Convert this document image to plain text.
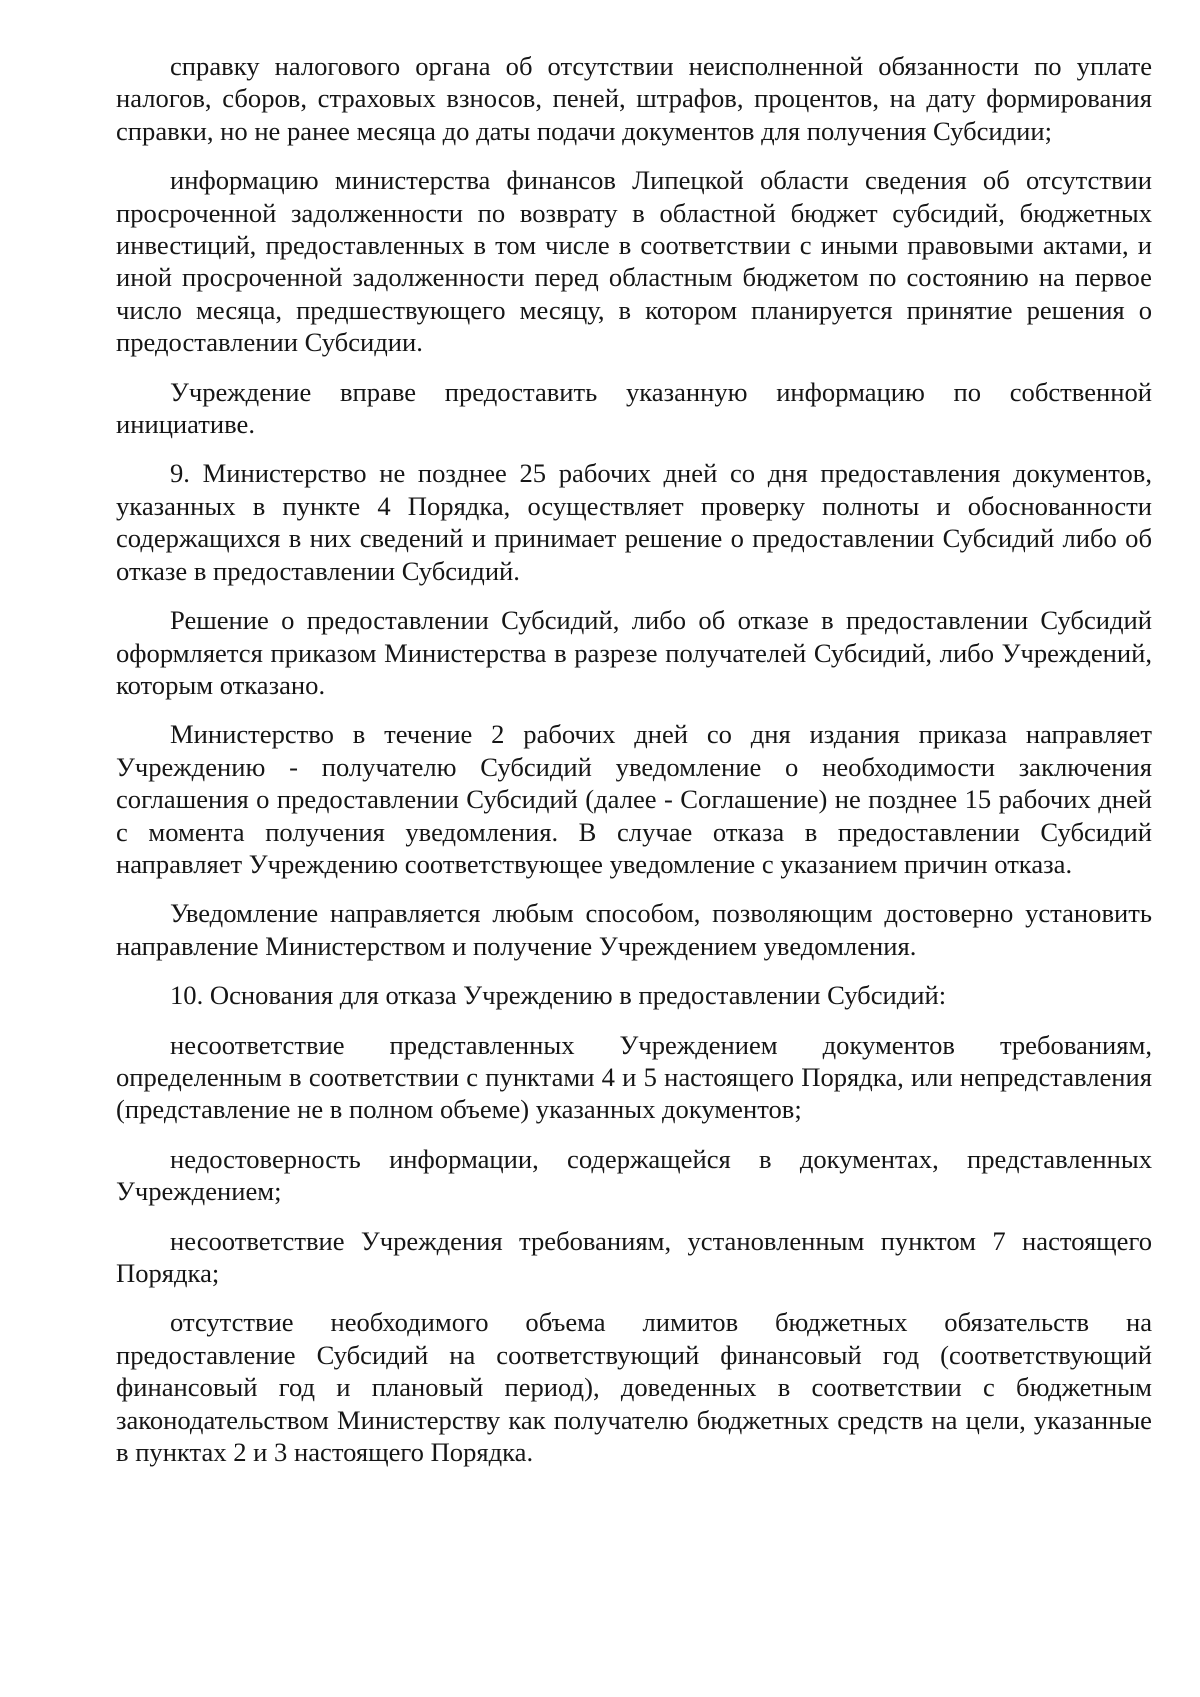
справку налогового органа об отсутствии неисполненной обязанности по уплате налогов, сборов, страховых взносов, пеней, штрафов, процентов, на дату формирования справки, но не ранее месяца до даты подачи документов для получения Субсидии;

информацию министерства финансов Липецкой области сведения об отсутствии просроченной задолженности по возврату в областной бюджет субсидий, бюджетных инвестиций, предоставленных в том числе в соответствии с иными правовыми актами, и иной просроченной задолженности перед областным бюджетом по состоянию на первое число месяца, предшествующего месяцу, в котором планируется принятие решения о предоставлении Субсидии.

Учреждение вправе предоставить указанную информацию по собственной инициативе.

9. Министерство не позднее 25 рабочих дней со дня предоставления документов, указанных в пункте 4 Порядка, осуществляет проверку полноты и обоснованности содержащихся в них сведений и принимает решение о предоставлении Субсидий либо об отказе в предоставлении Субсидий.

Решение о предоставлении Субсидий, либо об отказе в предоставлении Субсидий оформляется приказом Министерства в разрезе получателей Субсидий, либо Учреждений, которым отказано.

Министерство в течение 2 рабочих дней со дня издания приказа направляет Учреждению - получателю Субсидий уведомление о необходимости заключения соглашения о предоставлении Субсидий (далее - Соглашение) не позднее 15 рабочих дней с момента получения уведомления. В случае отказа в предоставлении Субсидий направляет Учреждению соответствующее уведомление с указанием причин отказа.

Уведомление направляется любым способом, позволяющим достоверно установить направление Министерством и получение Учреждением уведомления.

10. Основания для отказа Учреждению в предоставлении Субсидий:

несоответствие представленных Учреждением документов требованиям, определенным в соответствии с пунктами 4 и 5 настоящего Порядка, или непредставления (представление не в полном объеме) указанных документов;

недостоверность информации, содержащейся в документах, представленных Учреждением;

несоответствие Учреждения требованиям, установленным пунктом 7 настоящего Порядка;

отсутствие необходимого объема лимитов бюджетных обязательств на предоставление Субсидий на соответствующий финансовый год (соответствующий финансовый год и плановый период), доведенных в соответствии с бюджетным законодательством Министерству как получателю бюджетных средств на цели, указанные в пунктах 2 и 3 настоящего Порядка.
